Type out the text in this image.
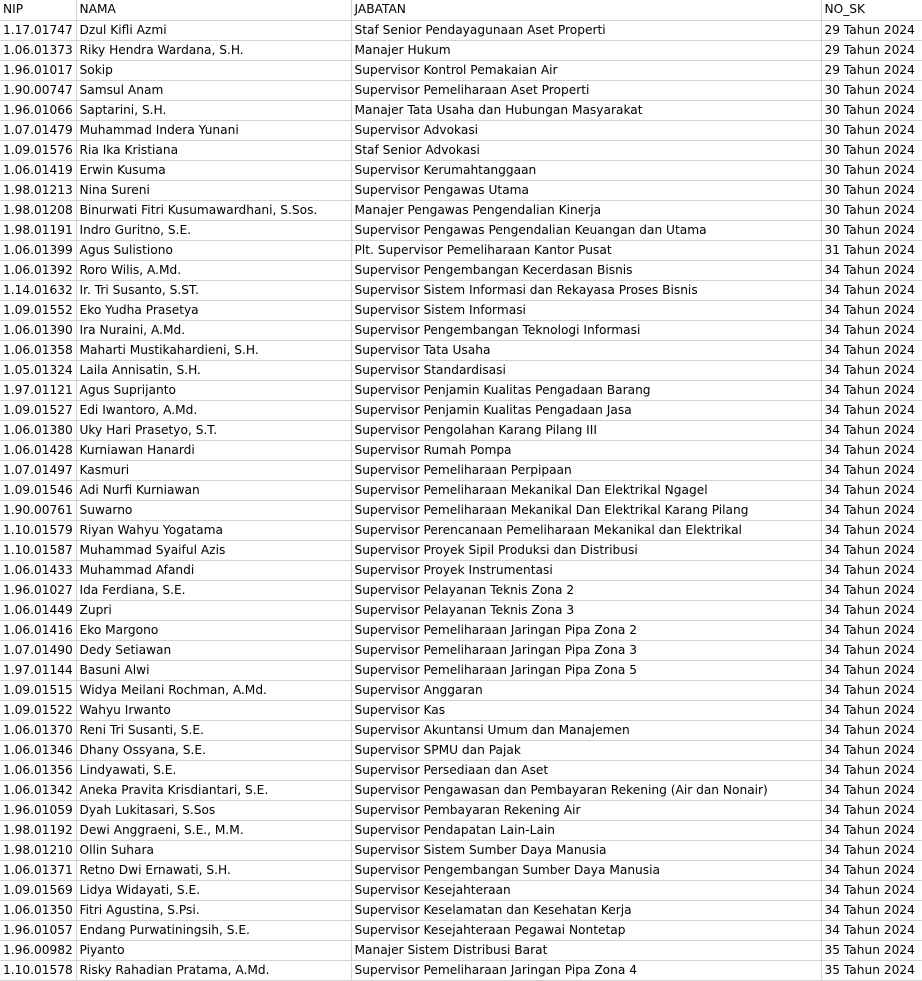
NIP	NAMA	JABATAN	NO_SK
1.17.01747	Dzul Kifli Azmi	Staf Senior Pendayagunaan Aset Properti	29 Tahun 2024
1.06.01373	Riky Hendra Wardana, S.H.	Manajer Hukum	29 Tahun 2024
1.96.01017	Sokip	Supervisor Kontrol Pemakaian Air	29 Tahun 2024
1.90.00747	Samsul Anam	Supervisor Pemeliharaan Aset Properti	30 Tahun 2024
1.96.01066	Saptarini, S.H.	Manajer Tata Usaha dan Hubungan Masyarakat	30 Tahun 2024
1.07.01479	Muhammad Indera Yunani	Supervisor Advokasi	30 Tahun 2024
1.09.01576	Ria Ika Kristiana	Staf Senior Advokasi	30 Tahun 2024
1.06.01419	Erwin Kusuma	Supervisor Kerumahtanggaan	30 Tahun 2024
1.98.01213	Nina Sureni	Supervisor Pengawas Utama	30 Tahun 2024
1.98.01208	Binurwati Fitri Kusumawardhani, S.Sos.	Manajer Pengawas Pengendalian Kinerja	30 Tahun 2024
1.98.01191	Indro Guritno, S.E.	Supervisor Pengawas Pengendalian Keuangan dan Utama	30 Tahun 2024
1.06.01399	Agus Sulistiono	Plt. Supervisor Pemeliharaan Kantor Pusat	31 Tahun 2024
1.06.01392	Roro Wilis, A.Md.	Supervisor Pengembangan Kecerdasan Bisnis	34 Tahun 2024
1.14.01632	Ir. Tri Susanto, S.ST.	Supervisor Sistem Informasi dan Rekayasa Proses Bisnis	34 Tahun 2024
1.09.01552	Eko Yudha Prasetya	Supervisor Sistem Informasi	34 Tahun 2024
1.06.01390	Ira Nuraini, A.Md.	Supervisor Pengembangan Teknologi Informasi	34 Tahun 2024
1.06.01358	Maharti Mustikahardieni, S.H.	Supervisor Tata Usaha	34 Tahun 2024
1.05.01324	Laila Annisatin, S.H.	Supervisor Standardisasi	34 Tahun 2024
1.97.01121	Agus Suprijanto	Supervisor Penjamin Kualitas Pengadaan Barang	34 Tahun 2024
1.09.01527	Edi Iwantoro, A.Md.	Supervisor Penjamin Kualitas Pengadaan Jasa	34 Tahun 2024
1.06.01380	Uky Hari Prasetyo, S.T.	Supervisor Pengolahan Karang Pilang III	34 Tahun 2024
1.06.01428	Kurniawan Hanardi	Supervisor Rumah Pompa	34 Tahun 2024
1.07.01497	Kasmuri	Supervisor Pemeliharaan Perpipaan	34 Tahun 2024
1.09.01546	Adi Nurfi Kurniawan	Supervisor Pemeliharaan Mekanikal Dan Elektrikal Ngagel	34 Tahun 2024
1.90.00761	Suwarno	Supervisor Pemeliharaan Mekanikal Dan Elektrikal Karang Pilang	34 Tahun 2024
1.10.01579	Riyan Wahyu Yogatama	Supervisor Perencanaan Pemeliharaan Mekanikal dan Elektrikal	34 Tahun 2024
1.10.01587	Muhammad Syaiful Azis	Supervisor Proyek Sipil Produksi dan Distribusi	34 Tahun 2024
1.06.01433	Muhammad Afandi	Supervisor Proyek Instrumentasi	34 Tahun 2024
1.96.01027	Ida Ferdiana, S.E.	Supervisor Pelayanan Teknis Zona 2	34 Tahun 2024
1.06.01449	Zupri	Supervisor Pelayanan Teknis Zona 3	34 Tahun 2024
1.06.01416	Eko Margono	Supervisor Pemeliharaan Jaringan Pipa Zona 2	34 Tahun 2024
1.07.01490	Dedy Setiawan	Supervisor Pemeliharaan Jaringan Pipa Zona 3	34 Tahun 2024
1.97.01144	Basuni Alwi	Supervisor Pemeliharaan Jaringan Pipa Zona 5	34 Tahun 2024
1.09.01515	Widya Meilani Rochman, A.Md.	Supervisor Anggaran	34 Tahun 2024
1.09.01522	Wahyu Irwanto	Supervisor Kas	34 Tahun 2024
1.06.01370	Reni Tri Susanti, S.E.	Supervisor Akuntansi Umum dan Manajemen	34 Tahun 2024
1.06.01346	Dhany Ossyana, S.E.	Supervisor SPMU dan Pajak	34 Tahun 2024
1.06.01356	Lindyawati, S.E.	Supervisor Persediaan dan Aset	34 Tahun 2024
1.06.01342	Aneka Pravita Krisdiantari, S.E.	Supervisor Pengawasan dan Pembayaran Rekening (Air dan Nonair)	34 Tahun 2024
1.96.01059	Dyah Lukitasari, S.Sos	Supervisor Pembayaran Rekening Air	34 Tahun 2024
1.98.01192	Dewi Anggraeni, S.E., M.M.	Supervisor Pendapatan Lain-Lain	34 Tahun 2024
1.98.01210	Ollin Suhara	Supervisor Sistem Sumber Daya Manusia	34 Tahun 2024
1.06.01371	Retno Dwi Ernawati, S.H.	Supervisor Pengembangan Sumber Daya Manusia	34 Tahun 2024
1.09.01569	Lidya Widayati, S.E.	Supervisor Kesejahteraan	34 Tahun 2024
1.06.01350	Fitri Agustina, S.Psi.	Supervisor Keselamatan dan Kesehatan Kerja	34 Tahun 2024
1.96.01057	Endang Purwatiningsih, S.E.	Supervisor Kesejahteraan Pegawai Nontetap	34 Tahun 2024
1.96.00982	Piyanto	Manajer Sistem Distribusi Barat	35 Tahun 2024
1.10.01578	Risky Rahadian Pratama, A.Md.	Supervisor Pemeliharaan Jaringan Pipa Zona 4	35 Tahun 2024
